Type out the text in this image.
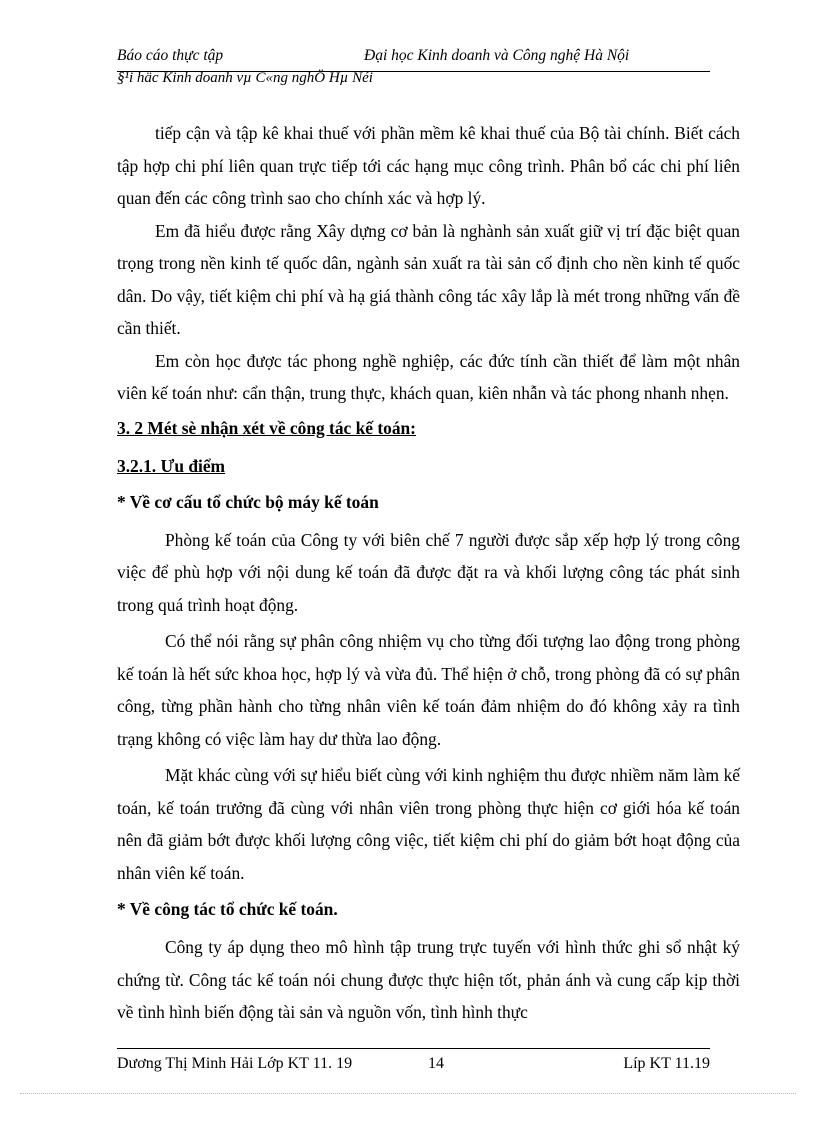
Báo cáo thực tập	Đại học Kinh doanh và Công nghệ Hà Nội
§¹i häc Kinh doanh vµ C«ng nghÖ Hµ Néi

tiếp cận và tập kê khai thuế với phần mềm kê khai thuế của Bộ tài chính. Biết cách tập hợp chi phí liên quan trực tiếp tới các hạng mục công trình. Phân bổ các chi phí liên quan đến các công trình sao cho chính xác và hợp lý.

Em đã hiểu được rằng Xây dựng cơ bản là nghành sản xuất giữ vị trí đặc biệt quan trọng trong nền kinh tế quốc dân, ngành sản xuất ra tài sản cố định cho nền kinh tế quốc dân. Do vậy, tiết kiệm chi phí và hạ giá thành công tác xây lắp là mét trong những vấn đề cần thiết.

Em còn học được tác phong nghề nghiệp, các đức tính cần thiết để làm một nhân viên kế toán như: cẩn thận, trung thực, khách quan, kiên nhẫn và tác phong nhanh nhẹn.

3. 2 Mét sè nhận xét về công tác kế toán:

3.2.1. Ưu điểm

* Về cơ cấu tổ chức bộ máy kế toán

Phòng kế toán của Công ty với biên chế 7 người được sắp xếp hợp lý trong công việc để phù hợp với nội dung kế toán đã được đặt ra và khối lượng công tác phát sinh trong quá trình hoạt động.

Có thể nói rằng sự phân công nhiệm vụ cho từng đối tượng lao động trong phòng kế toán là hết sức khoa học, hợp lý và vừa đủ. Thể hiện ở chỗ, trong phòng đã có sự phân công, từng phần hành cho từng nhân viên kế toán đảm nhiệm do đó không xảy ra tình trạng không có việc làm hay dư thừa lao động.

Mặt khác cùng với sự hiểu biết cùng với kinh nghiệm thu được nhiềm năm làm kế toán, kế toán trưởng đã cùng với nhân viên trong phòng thực hiện cơ giới hóa kế toán nên đã giảm bớt được khối lượng công việc, tiết kiệm chi phí do giảm bớt hoạt động của nhân viên kế toán.

* Về công tác tổ chức kế toán.

Công ty áp dụng theo mô hình tập trung trực tuyến với hình thức ghi sổ nhật ký chứng từ. Công tác kế toán nói chung được thực hiện tốt, phản ánh và cung cấp kịp thời về tình hình biến động tài sản và nguồn vốn, tình hình thực

Dương Thị Minh Hải Lớp KT 11. 19	14	Líp KT 11.19
